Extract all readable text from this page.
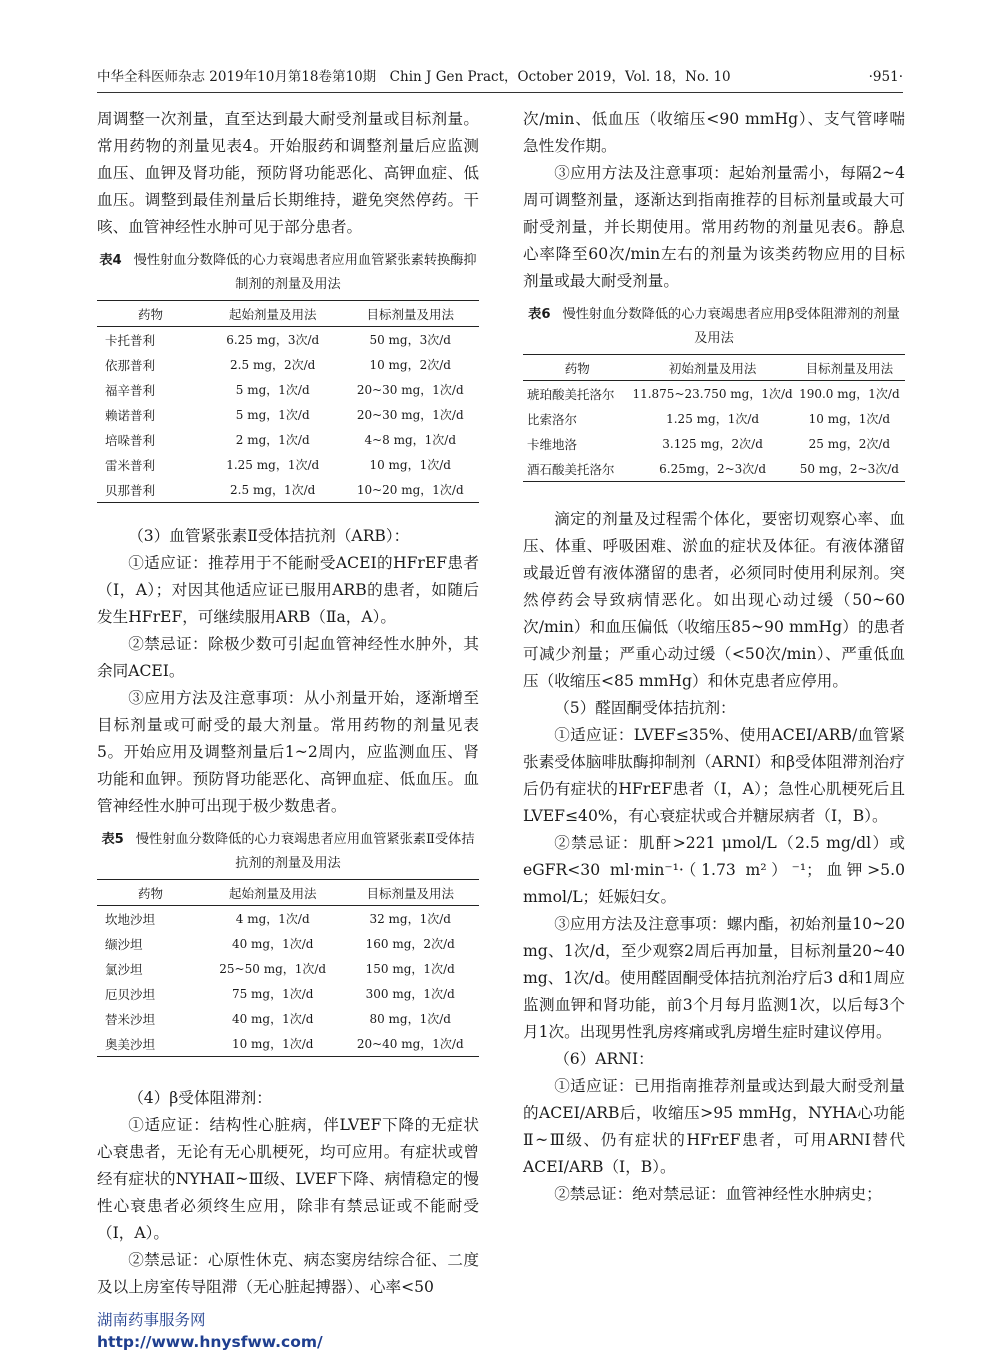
中华全科医师杂志 2019年10月第18卷第10期　Chin J Gen Pract，October 2019，Vol. 18，No. 10	·951·

周调整一次剂量，直至达到最大耐受剂量或目标剂量。常用药物的剂量见表4。开始服药和调整剂量后应监测血压、血钾及肾功能，预防肾功能恶化、高钾血症、低血压。调整到最佳剂量后长期维持，避免突然停药。干咳、血管神经性水肿可见于部分患者。

表4 慢性射血分数降低的心力衰竭患者应用血管紧张素转换酶抑制剂的剂量及用法
药物	起始剂量及用法	目标剂量及用法
卡托普利	6.25 mg，3次/d	50 mg，3次/d
依那普利	2.5 mg，2次/d	10 mg，2次/d
福辛普利	5 mg，1次/d	20~30 mg，1次/d
赖诺普利	5 mg，1次/d	20~30 mg，1次/d
培哚普利	2 mg，1次/d	4~8 mg，1次/d
雷米普利	1.25 mg，1次/d	10 mg，1次/d
贝那普利	2.5 mg，1次/d	10~20 mg，1次/d

（3）血管紧张素Ⅱ受体拮抗剂（ARB）：

①适应证：推荐用于不能耐受ACEI的HFrEF患者（Ⅰ，A）；对因其他适应证已服用ARB的患者，如随后发生HFrEF，可继续服用ARB（Ⅱa，A）。

②禁忌证：除极少数可引起血管神经性水肿外，其余同ACEI。

③应用方法及注意事项：从小剂量开始，逐渐增至目标剂量或可耐受的最大剂量。常用药物的剂量见表5。开始应用及调整剂量后1~2周内，应监测血压、肾功能和血钾。预防肾功能恶化、高钾血症、低血压。血管神经性水肿可出现于极少数患者。

表5 慢性射血分数降低的心力衰竭患者应用血管紧张素Ⅱ受体拮抗剂的剂量及用法
药物	起始剂量及用法	目标剂量及用法
坎地沙坦	4 mg，1次/d	32 mg，1次/d
缬沙坦	40 mg，1次/d	160 mg，2次/d
氯沙坦	25~50 mg，1次/d	150 mg，1次/d
厄贝沙坦	75 mg，1次/d	300 mg，1次/d
替米沙坦	40 mg，1次/d	80 mg，1次/d
奥美沙坦	10 mg，1次/d	20~40 mg，1次/d

（4）β受体阻滞剂：

①适应证：结构性心脏病，伴LVEF下降的无症状心衰患者，无论有无心肌梗死，均可应用。有症状或曾经有症状的NYHAⅡ~Ⅲ级、LVEF下降、病情稳定的慢性心衰患者必须终生应用，除非有禁忌证或不能耐受（Ⅰ，A）。

②禁忌证：心原性休克、病态窦房结综合征、二度及以上房室传导阻滞（无心脏起搏器）、心率<50

次/min、低血压（收缩压<90 mmHg）、支气管哮喘急性发作期。

③应用方法及注意事项：起始剂量需小，每隔2~4周可调整剂量，逐渐达到指南推荐的目标剂量或最大可耐受剂量，并长期使用。常用药物的剂量见表6。静息心率降至60次/min左右的剂量为该类药物应用的目标剂量或最大耐受剂量。

表6 慢性射血分数降低的心力衰竭患者应用β受体阻滞剂的剂量及用法
药物	初始剂量及用法	目标剂量及用法
琥珀酸美托洛尔	11.875~23.750 mg，1次/d	190.0 mg，1次/d
比索洛尔	1.25 mg，1次/d	10 mg，1次/d
卡维地洛	3.125 mg，2次/d	25 mg，2次/d
酒石酸美托洛尔	6.25mg，2~3次/d	50 mg，2~3次/d

滴定的剂量及过程需个体化，要密切观察心率、血压、体重、呼吸困难、淤血的症状及体征。有液体潴留或最近曾有液体潴留的患者，必须同时使用利尿剂。突然停药会导致病情恶化。如出现心动过缓（50~60次/min）和血压偏低（收缩压85~90 mmHg）的患者可减少剂量；严重心动过缓（<50次/min）、严重低血压（收缩压<85 mmHg）和休克患者应停用。

（5）醛固酮受体拮抗剂：

①适应证：LVEF≤35%、使用ACEI/ARB/血管紧张素受体脑啡肽酶抑制剂（ARNI）和β受体阻滞剂治疗后仍有症状的HFrEF患者（Ⅰ，A）；急性心肌梗死后且LVEF≤40%，有心衰症状或合并糖尿病者（Ⅰ，B）。

②禁忌证：肌酐>221 μmol/L（2.5 mg/dl）或eGFR<30 ml·min⁻¹·（1.73 m²）⁻¹；血钾>5.0 mmol/L；妊娠妇女。

③应用方法及注意事项：螺内酯，初始剂量10~20 mg、1次/d，至少观察2周后再加量，目标剂量20~40 mg、1次/d。使用醛固酮受体拮抗剂治疗后3 d和1周应监测血钾和肾功能，前3个月每月监测1次，以后每3个月1次。出现男性乳房疼痛或乳房增生症时建议停用。

（6）ARNI：

①适应证：已用指南推荐剂量或达到最大耐受剂量的ACEI/ARB后，收缩压>95 mmHg，NYHA心功能Ⅱ~Ⅲ级、仍有症状的HFrEF患者，可用ARNI替代ACEI/ARB（Ⅰ，B）。

②禁忌证：绝对禁忌证：血管神经性水肿病史；

湖南药事服务网
http://www.hnysfww.com/
